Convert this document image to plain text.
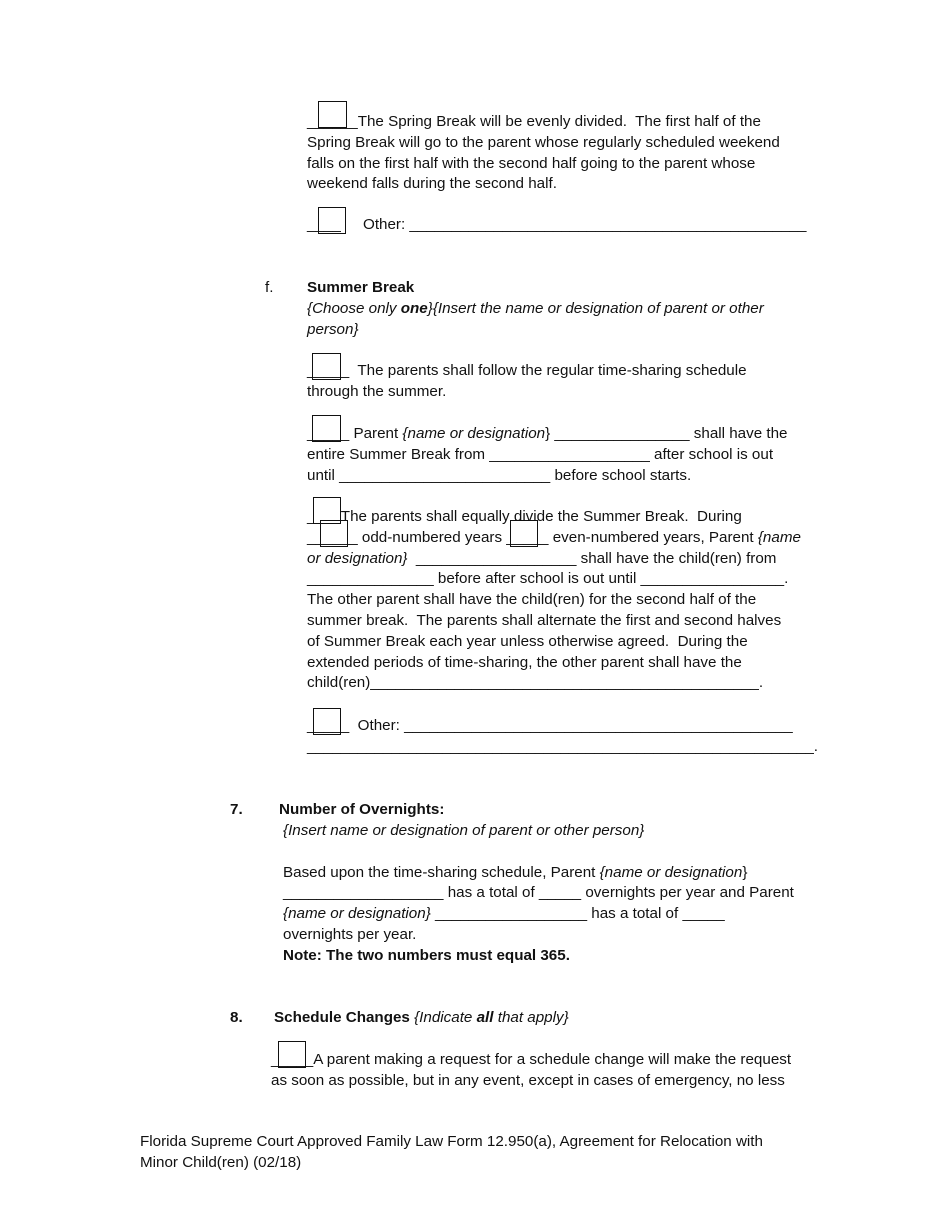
______The Spring Break will be evenly divided.  The first half of the

Spring Break will go to the parent whose regularly scheduled weekend

falls on the first half with the second half going to the parent whose

weekend falls during the second half.

____ Other: _______________________________________________

f. Summer Break

{Choose only one}{Insert the name or designation of parent or other

person}

_____  The parents shall follow the regular time-sharing schedule

through the summer.

_____ Parent {name or designation} ________________ shall have the

entire Summer Break from ___________________ after school is out

until _________________________ before school starts.

____The parents shall equally divide the Summer Break.  During

______ odd-numbered years _____ even-numbered years, Parent {name

or designation}  ___________________ shall have the child(ren) from

_______________ before after school is out until _________________.

The other parent shall have the child(ren) for the second half of the

summer break.  The parents shall alternate the first and second halves

of Summer Break each year unless otherwise agreed.  During the

extended periods of time-sharing, the other parent shall have the

child(ren)______________________________________________.

_____  Other: ______________________________________________

____________________________________________________________.

7. Number of Overnights:

{Insert name or designation of parent or other person}

Based upon the time-sharing schedule, Parent {name or designation}

___________________ has a total of _____ overnights per year and Parent

{name or designation} __________________ has a total of _____

overnights per year.

Note: The two numbers must equal 365.

8. Schedule Changes {Indicate all that apply}

_____A parent making a request for a schedule change will make the request

as soon as possible, but in any event, except in cases of emergency, no less

Florida Supreme Court Approved Family Law Form 12.950(a), Agreement for Relocation with

Minor Child(ren) (02/18)
